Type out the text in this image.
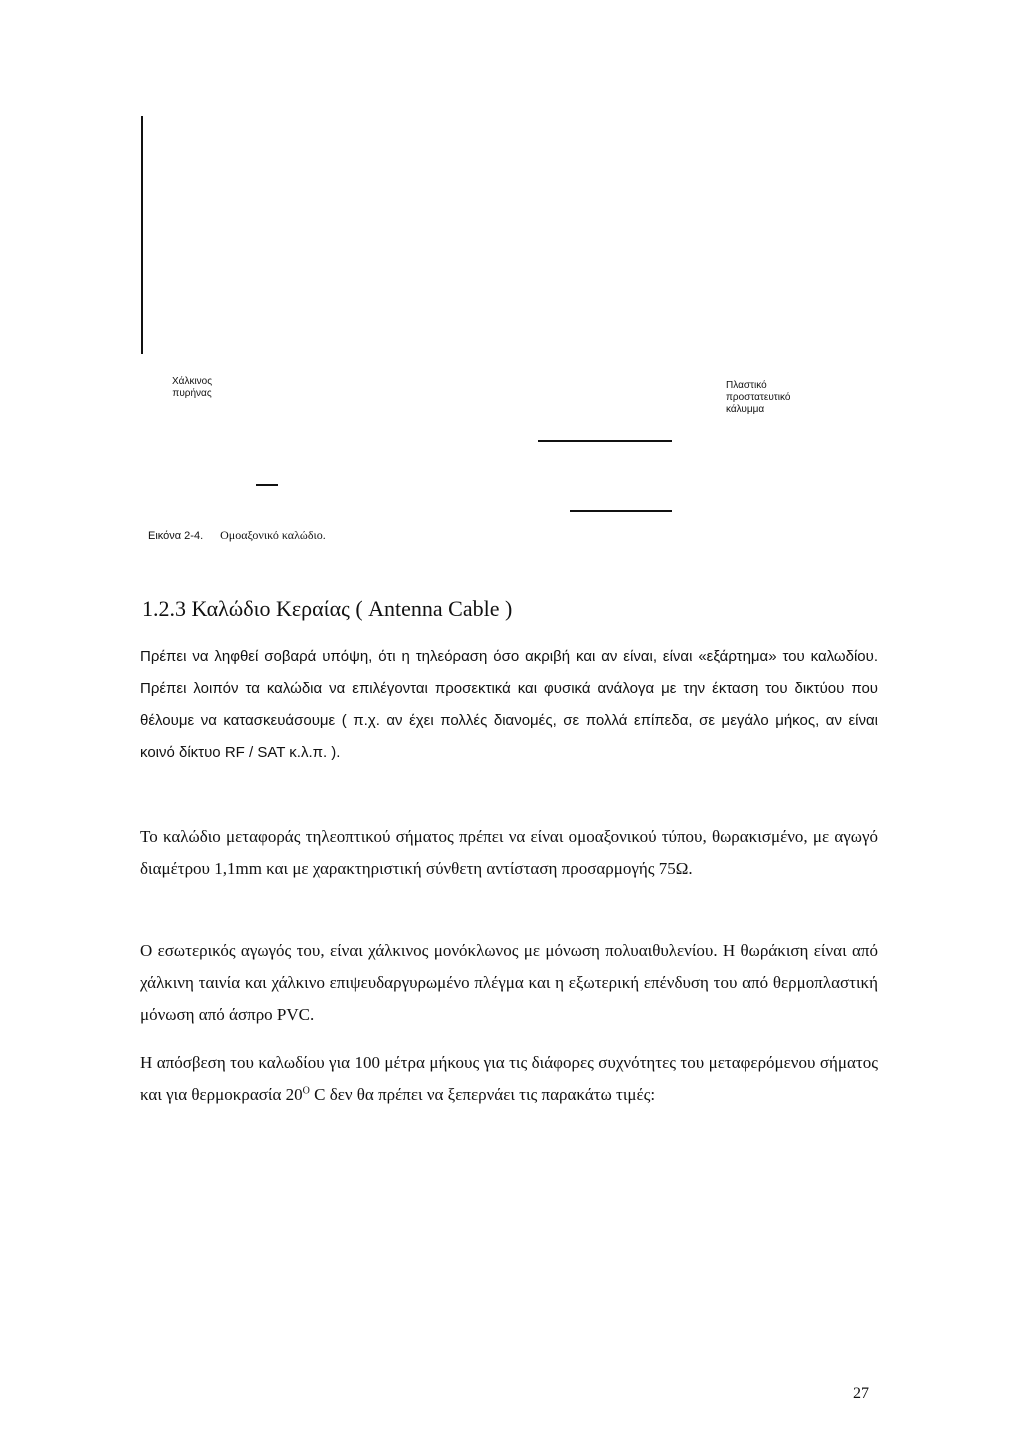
Χάλκινος
πυρήνας
Πλαστικό
προστατευτικό
κάλυμμα
Εικόνα 2-4. Ομοαξονικό καλώδιο.
1.2.3 Καλώδιο Κεραίας ( Antenna Cable )

Πρέπει να ληφθεί σοβαρά υπόψη, ότι η τηλεόραση όσο ακριβή και αν είναι, είναι «εξάρτημα» του καλωδίου. Πρέπει λοιπόν τα καλώδια να επιλέγονται προσεκτικά και φυσικά ανάλογα με την έκταση του δικτύου που θέλουμε να κατασκευάσουμε ( π.χ. αν έχει πολλές διανομές, σε πολλά επίπεδα, σε μεγάλο μήκος, αν είναι κοινό δίκτυο RF / SAT κ.λ.π. ).

Το καλώδιο μεταφοράς τηλεοπτικού σήματος πρέπει να είναι ομοαξονικού τύπου, θωρακισμένο, με αγωγό διαμέτρου 1,1mm και με χαρακτηριστική σύνθετη αντίσταση προσαρμογής 75Ω.

Ο εσωτερικός αγωγός του, είναι χάλκινος μονόκλωνος με μόνωση πολυαιθυλενίου. Η θωράκιση είναι από χάλκινη ταινία και χάλκινο επιψευδαργυρωμένο πλέγμα και η εξωτερική επένδυση του από θερμοπλαστική μόνωση από άσπρο PVC.

Η απόσβεση του καλωδίου για 100 μέτρα μήκους για τις διάφορες συχνότητες του μεταφερόμενου σήματος και για θερμοκρασία $20^O$ C δεν θα πρέπει να ξεπερνάει τις παρακάτω τιμές:

27
